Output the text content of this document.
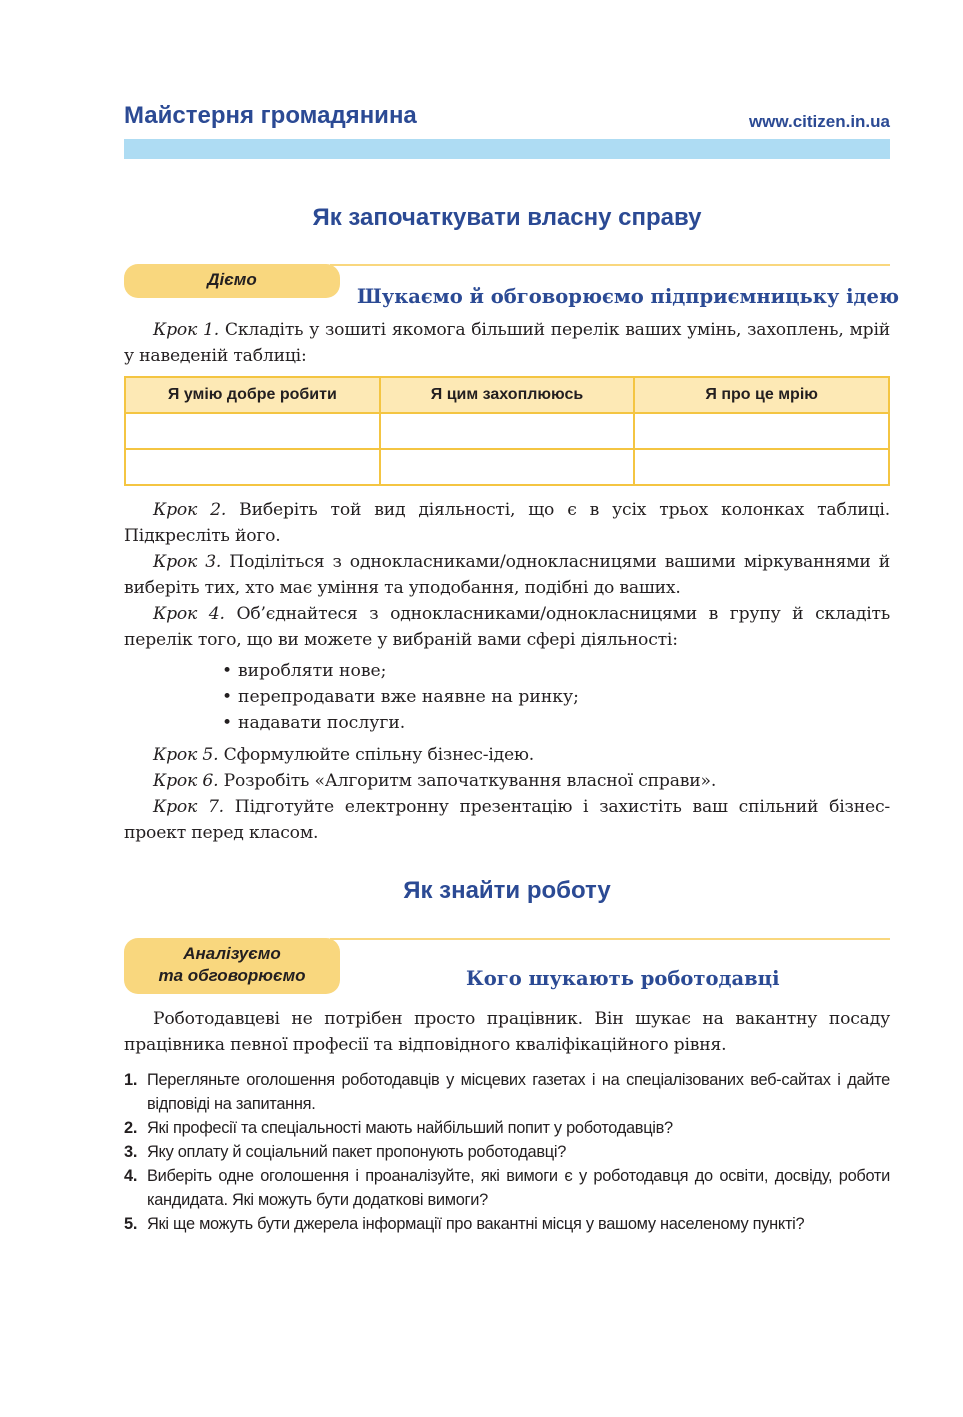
Майстерня громадянина	www.citizen.in.ua
Як започаткувати власну справу
Діємо
Шукаємо й обговорюємо підприємницьку ідею
Крок 1. Складіть у зошиті якомога більший перелік ваших умінь, захоплень, мрій у наведеній таблиці:
Я умію добре робити	Я цим захоплююсь	Я про це мрію
Крок 2. Виберіть той вид діяльності, що є в усіх трьох колонках таблиці. Підкресліть його.
Крок 3. Поділіться з однокласниками/однокласницями вашими міркуваннями й виберіть тих, хто має уміння та уподобання, подібні до ваших.
Крок 4. Об’єднайтеся з однокласниками/однокласницями в групу й складіть перелік того, що ви можете у вибраній вами сфері діяльності:
• виробляти нове;
• перепродавати вже наявне на ринку;
• надавати послуги.
Крок 5. Сформулюйте спільну бізнес-ідею.
Крок 6. Розробіть «Алгоритм започаткування власної справи».
Крок 7. Підготуйте електронну презентацію і захистіть ваш спільний бізнес-проект перед класом.
Як знайти роботу
Аналізуємо
та обговорюємо	Кого шукають роботодавці
Роботодавцеві не потрібен просто працівник. Він шукає на вакантну посаду працівника певної професії та відповідного кваліфікаційного рівня.
1. Перегляньте оголошення роботодавців у місцевих газетах і на спеціалізованих веб-сайтах і дайте відповіді на запитання.
2. Які професії та спеціальності мають найбільший попит у роботодавців?
3. Яку оплату й соціальний пакет пропонують роботодавці?
4. Виберіть одне оголошення і проаналізуйте, які вимоги є у роботодавця до освіти, досвіду, роботи кандидата. Які можуть бути додаткові вимоги?
5. Які ще можуть бути джерела інформації про вакантні місця у вашому населеному пункті?
